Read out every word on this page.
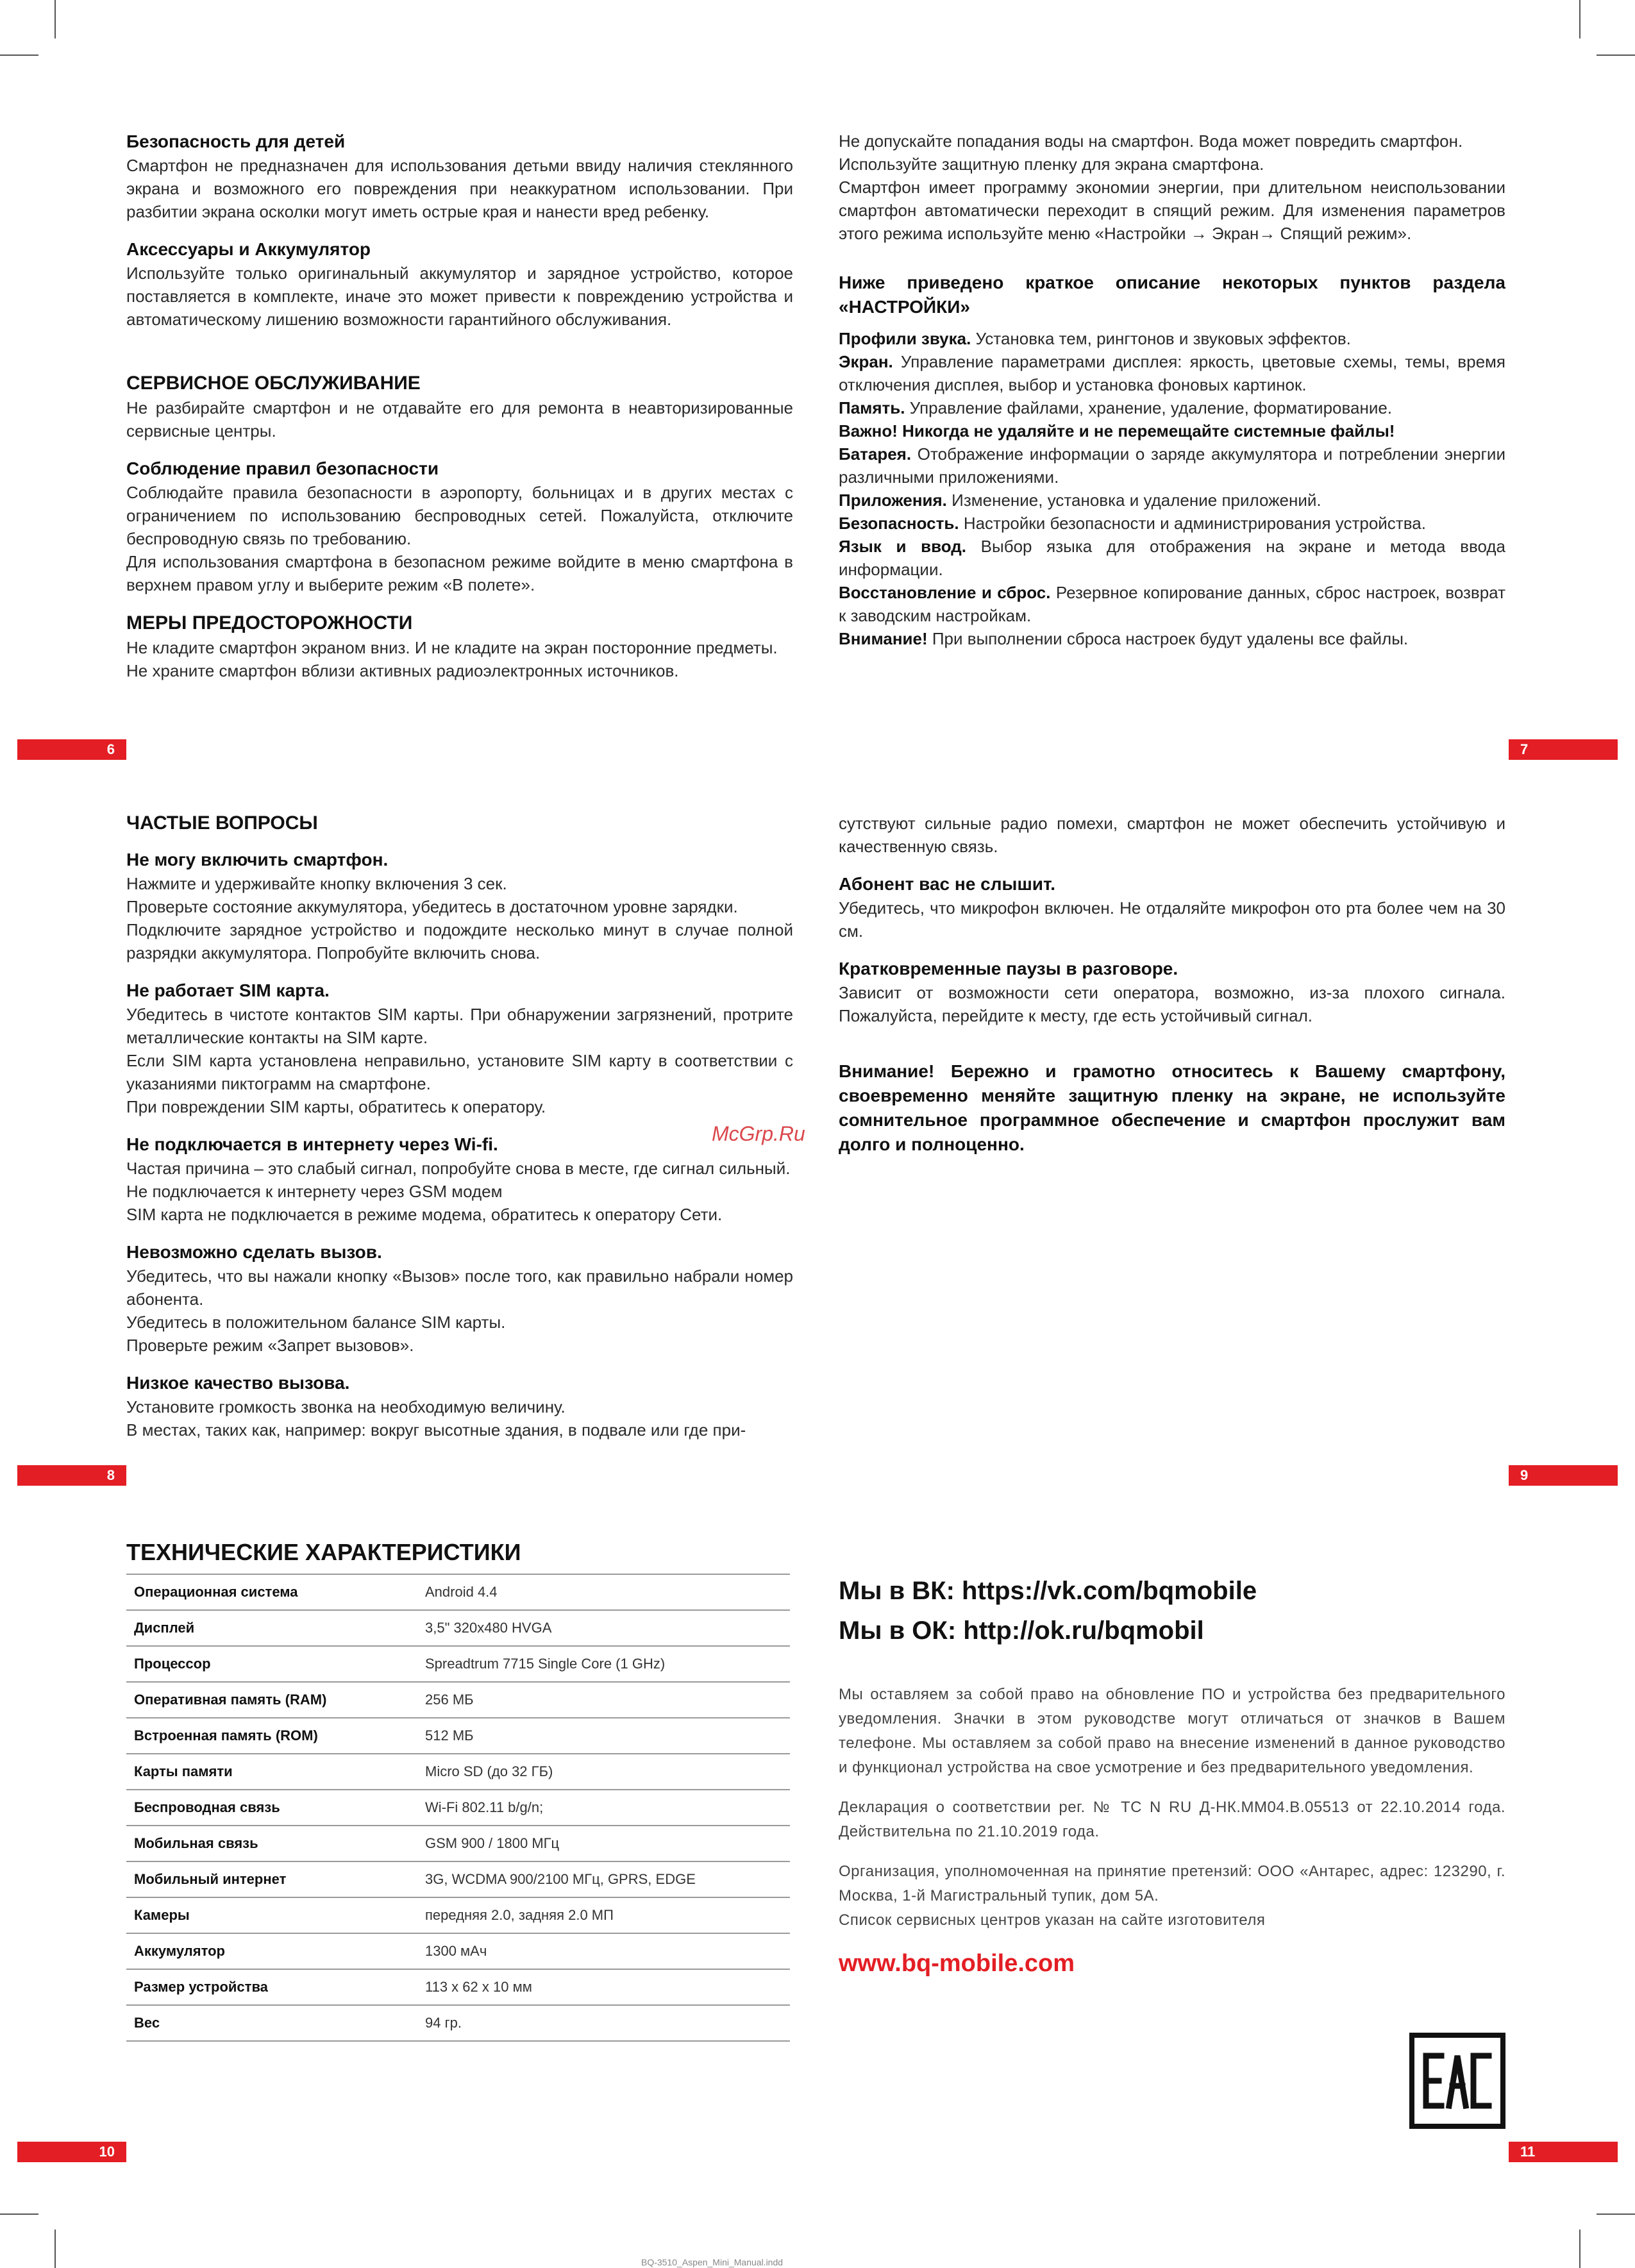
Безопасность для детей

Смартфон не предназначен для использования детьми ввиду наличия стеклянного экрана и возможного его повреждения при неаккуратном использовании. При разбитии экрана осколки могут иметь острые края и нанести вред ребенку.

Аксессуары и Аккумулятор

Используйте только оригинальный аккумулятор и зарядное устройство, которое поставляется в комплекте, иначе это может привести к повреждению устройства и автоматическому лишению возможности гарантийного обслуживания.

СЕРВИСНОЕ ОБСЛУЖИВАНИЕ

Не разбирайте смартфон и не отдавайте его для ремонта в неавторизированные сервисные центры.

Соблюдение правил безопасности

Соблюдайте правила безопасности в аэропорту, больницах и в других местах с ограничением по использованию беспроводных сетей. Пожалуйста, отключите беспроводную связь по требованию.

Для использования смартфона в безопасном режиме войдите в меню смартфона в верхнем правом углу и выберите режим «В полете».

МЕРЫ ПРЕДОСТОРОЖНОСТИ

Не кладите смартфон экраном вниз. И не кладите на экран посторонние предметы.

Не храните смартфон вблизи активных радиоэлектронных источников.

6

Не допускайте попадания воды на смартфон. Вода может повредить смартфон.

Используйте защитную пленку для экрана смартфона.

Смартфон имеет программу экономии энергии, при длительном неиспользовании смартфон автоматически переходит в спящий режим. Для изменения параметров этого режима используйте меню «Настройки → Экран→ Спящий режим».

Ниже приведено краткое описание некоторых пунктов раздела «НАСТРОЙКИ»

Профили звука. Установка тем, рингтонов и звуковых эффектов.

Экран. Управление параметрами дисплея: яркость, цветовые схемы, темы, время отключения дисплея, выбор и установка фоновых картинок.

Память. Управление файлами, хранение, удаление, форматирование.

Важно! Никогда не удаляйте и не перемещайте системные файлы!

Батарея. Отображение информации о заряде аккумулятора и потреблении энергии различными приложениями.

Приложения. Изменение, установка и удаление приложений.

Безопасность. Настройки безопасности и администрирования устройства.

Язык и ввод. Выбор языка для отображения на экране и метода ввода информации.

Восстановление и сброс. Резервное копирование данных, сброс настроек, возврат к заводским настройкам.

Внимание! При выполнении сброса настроек будут удалены все файлы.

7
ЧАСТЫЕ ВОПРОСЫ
Не могу включить смартфон.

Нажмите и удерживайте кнопку включения 3 сек.

Проверьте состояние аккумулятора, убедитесь в достаточном уровне зарядки.

Подключите зарядное устройство и подождите несколько минут в случае полной разрядки аккумулятора. Попробуйте включить снова.

Не работает SIM карта.

Убедитесь в чистоте контактов SIM карты. При обнаружении загрязнений, протрите металлические контакты на SIM карте.

Если SIM карта установлена неправильно, установите SIM карту в соответствии с указаниями пиктограмм на смартфоне.

При повреждении SIM карты, обратитесь к оператору.

Не подключается в интернету через Wi-fi.

Частая причина – это слабый сигнал, попробуйте снова в месте, где сигнал сильный.

Не подключается к интернету через GSM модем

SIM карта не подключается в режиме модема, обратитесь к оператору Сети.

Невозможно сделать вызов.

Убедитесь, что вы нажали кнопку «Вызов» после того, как правильно набрали номер абонента.

Убедитесь в положительном балансе SIM карты.

Проверьте режим «Запрет вызовов».

Низкое качество вызова.

Установите громкость звонка на необходимую величину.

В местах, таких как, например: вокруг высотные здания, в подвале или где при-

8

сутствуют сильные радио помехи, смартфон не может обеспечить устойчивую и качественную связь.

Абонент вас не слышит.

Убедитесь, что микрофон включен. Не отдаляйте микрофон ото рта более чем на 30 см.

Кратковременные паузы в разговоре.

Зависит от возможности сети оператора, возможно, из-за плохого сигнала. Пожалуйста, перейдите к месту, где есть устойчивый сигнал.

Внимание! Бережно и грамотно относитесь к Вашему смартфону, своевременно меняйте защитную пленку на экране, не используйте сомнительное программное обеспечение и смартфон прослужит вам долго и полноценно.

McGrp.Ru
9
ТЕХНИЧЕСКИЕ ХАРАКТЕРИСТИКИ
Операционная система	Android 4.4
Дисплей	3,5" 320х480 HVGA
Процессор	Spreadtrum 7715 Single Core (1 GHz)
Оперативная память (RAM)	256 МБ
Встроенная память (ROM)	512 МБ
Карты памяти	Micro SD (до 32 ГБ)
Беспроводная связь	Wi-Fi 802.11 b/g/n;
Мобильная связь	GSM 900 / 1800 МГц
Мобильный интернет	3G, WCDMA 900/2100 МГц, GPRS, EDGE
Камеры	передняя 2.0, задняя 2.0 МП
Аккумулятор	1300 мАч
Размер устройства	113 х 62 х 10 мм
Вес	94 гр.
10
Мы в ВК: https://vk.com/bqmobile
Мы в ОК: http://ok.ru/bqmobil

Мы оставляем за собой право на обновление ПО и устройства без предварительного уведомления. Значки в этом руководстве могут отличаться от значков в Вашем телефоне. Мы оставляем за собой право на внесение изменений в данное руководство и функционал устройства на свое усмотрение и без предварительного уведомления.

Декларация о соответствии рег. № ТС N RU Д-НК.ММ04.В.05513 от 22.10.2014 года. Действительна по 21.10.2019 года.

Организация, уполномоченная на принятие претензий: ООО «Антарес, адрес: 123290, г. Москва, 1-й Магистральный тупик, дом 5А.

Список сервисных центров указан на сайте изготовителя

www.bq-mobile.com
11
BQ-3510_Aspen_Mini_Manual.indd
